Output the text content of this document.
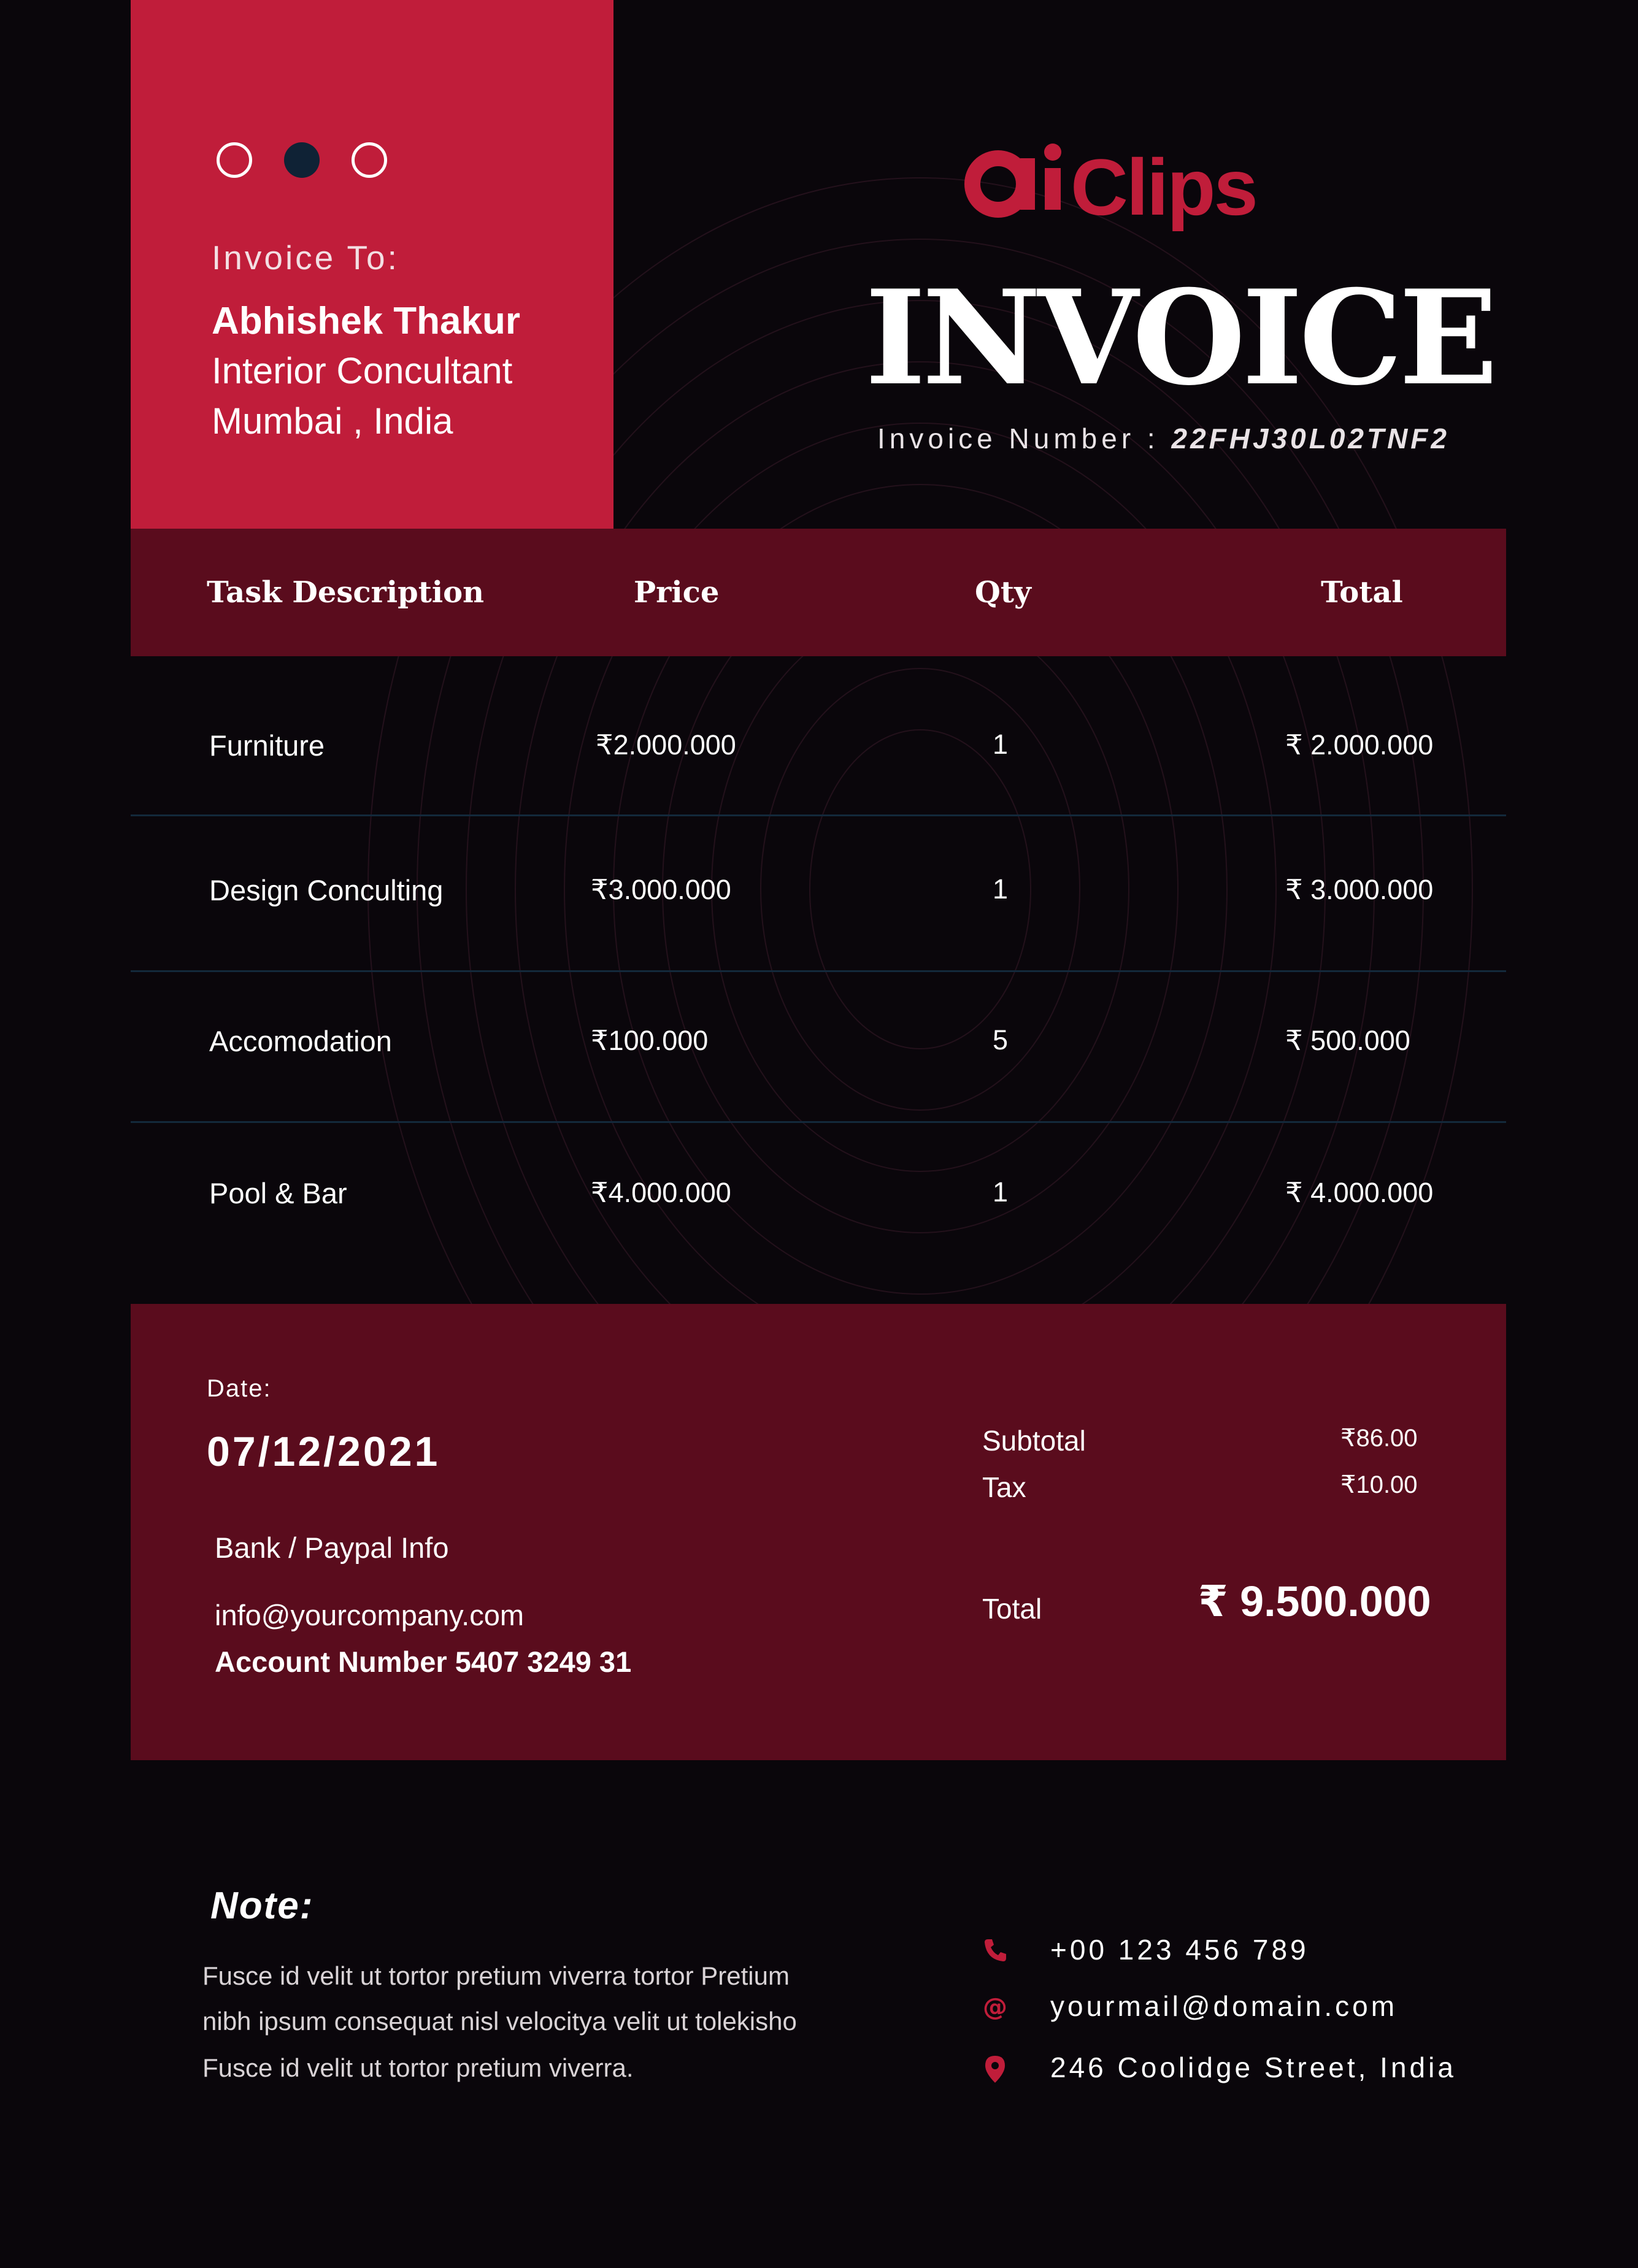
Invoice To:
Abhishek Thakur
Interior Concultant
Mumbai , India
Clips
INVOICE
Invoice Number : 22FHJ30L02TNF2
Task Description	Price	Qty	Total
Furniture	₹2.000.000	1	₹ 2.000.000
Design Conculting	₹3.000.000	1	₹ 3.000.000
Accomodation	₹100.000	5	₹ 500.000
Pool & Bar	₹4.000.000	1	₹ 4.000.000
Date:
07/12/2021
Bank / Paypal Info
info@yourcompany.com
Account Number 5407 3249 31
Subtotal	₹86.00
Tax	₹10.00
Total	₹ 9.500.000
Note:
Fusce id velit ut tortor pretium viverra tortor Pretium
nibh ipsum consequat nisl velocitya velit ut tolekisho
Fusce id velit ut tortor pretium viverra.
+00 123 456 789
@ yourmail@domain.com
246 Coolidge Street, India
